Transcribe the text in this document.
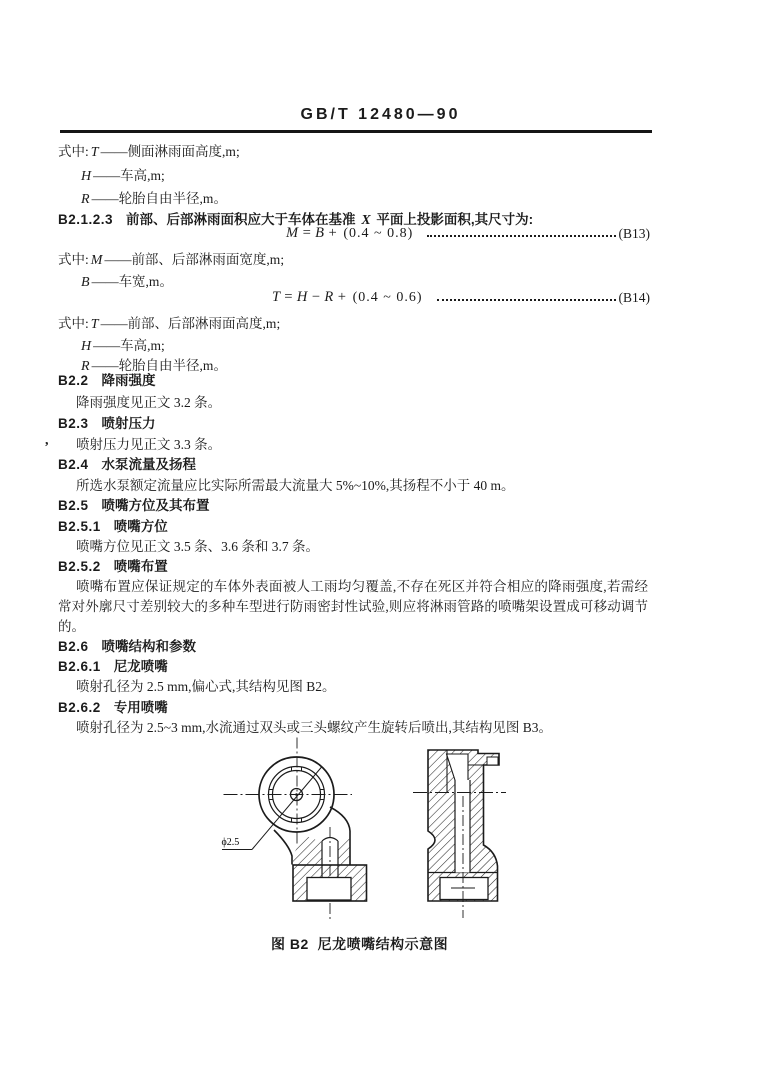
GB/T 12480—90
式中: T ——侧面淋雨面高度,m;
H ——车高,m;
R ——轮胎自由半径,m。
B2.1.2.3 前部、后部淋雨面积应大于车体在基准 X 平面上投影面积,其尺寸为:
M = B + (0.4 ~ 0.8)	(B13)
式中: M ——前部、后部淋雨面宽度,m;
B ——车宽,m。
T = H − R + (0.4 ~ 0.6)	(B14)
式中: T ——前部、后部淋雨面高度,m;
H ——车高,m;
R ——轮胎自由半径,m。
B2.2 降雨强度
降雨强度见正文 3.2 条。
B2.3 喷射压力
, 喷射压力见正文 3.3 条。
B2.4 水泵流量及扬程
所选水泵额定流量应比实际所需最大流量大 5%~10%,其扬程不小于 40 m。
B2.5 喷嘴方位及其布置
B2.5.1 喷嘴方位
喷嘴方位见正文 3.5 条、3.6 条和 3.7 条。
B2.5.2 喷嘴布置
喷嘴布置应保证规定的车体外表面被人工雨均匀覆盖,不存在死区并符合相应的降雨强度,若需经
常对外廓尺寸差别较大的多种车型进行防雨密封性试验,则应将淋雨管路的喷嘴架设置成可移动调节
的。
B2.6 喷嘴结构和参数
B2.6.1 尼龙喷嘴
喷射孔径为 2.5 mm,偏心式,其结构见图 B2。
B2.6.2 专用喷嘴
喷射孔径为 2.5~3 mm,水流通过双头或三头螺纹产生旋转后喷出,其结构见图 B3。
ϕ2.5
图 B2  尼龙喷嘴结构示意图
